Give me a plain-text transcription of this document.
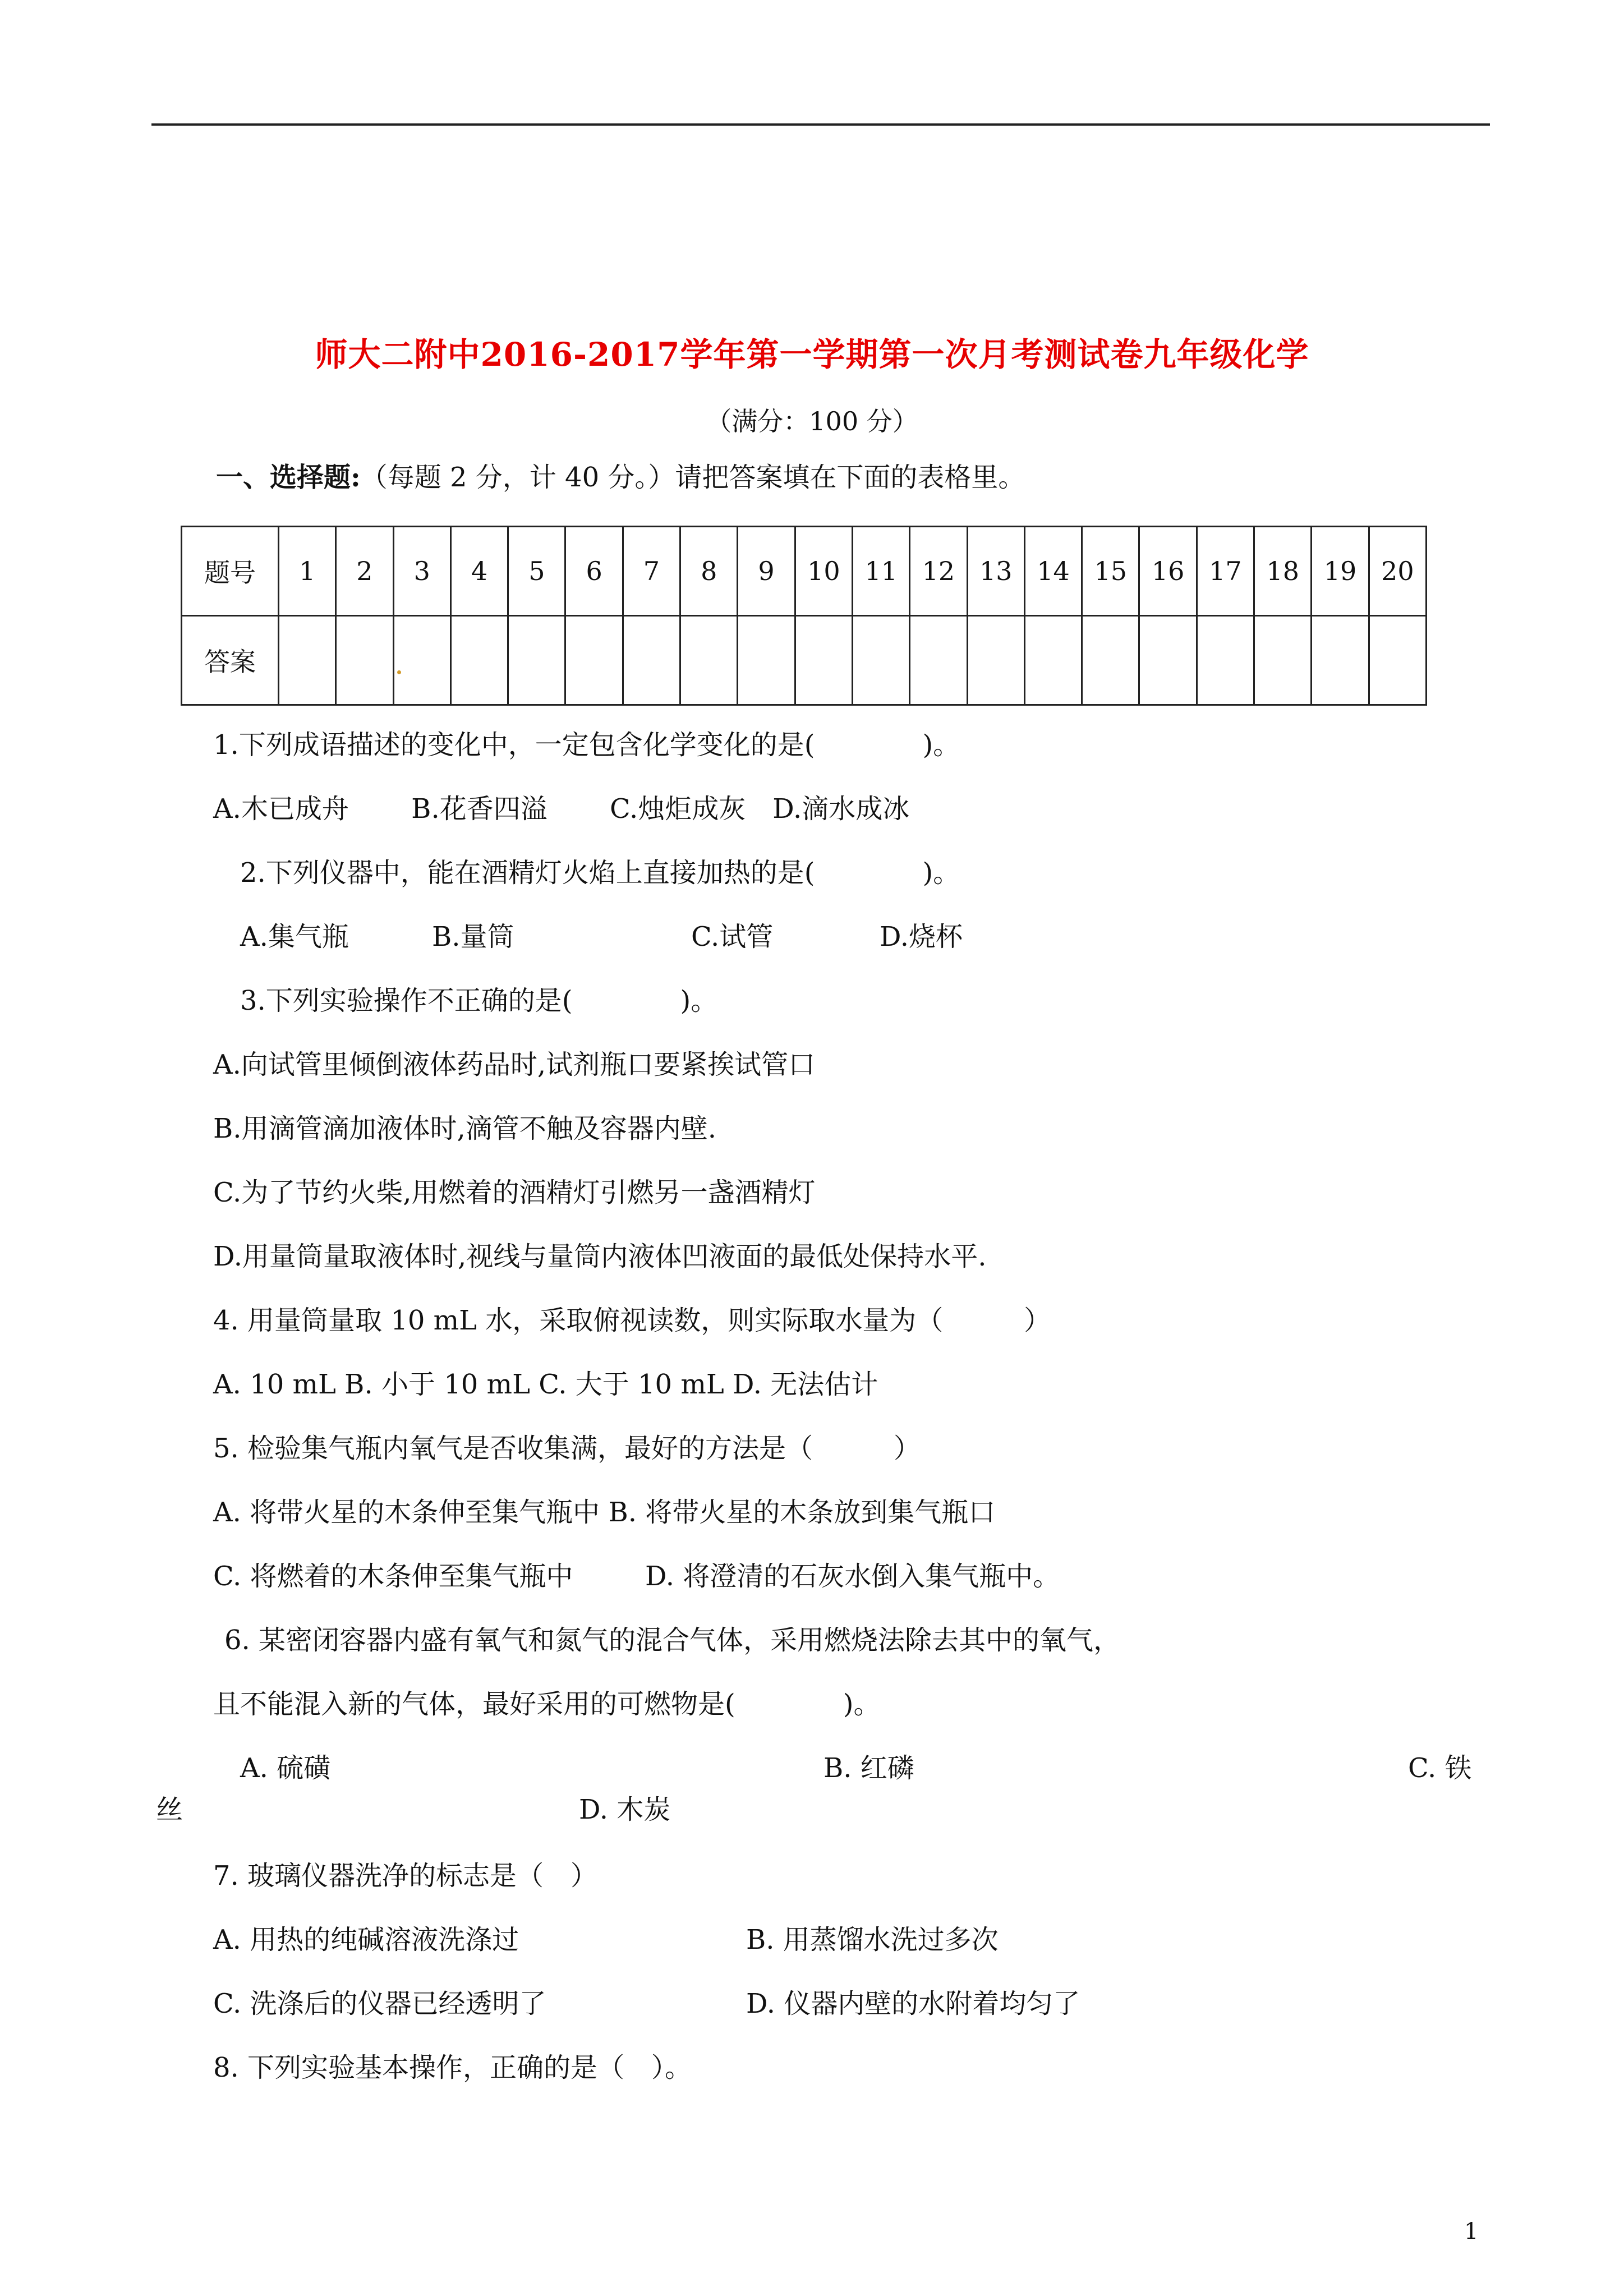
师大二附中2016-2017学年第一学期第一次月考测试卷九年级化学
（满分：100 分）
一、选择题:（每题 2 分，计 40 分。）请把答案填在下面的表格里。
题号	1	2	3	4	5	6	7	8	9	10	11	12	13	14	15	16	17	18	19	20
答案																				
1.下列成语描述的变化中，一定包含化学变化的是(　　　　)。
A.木已成舟　　 B.花香四溢　　 C.烛炬成灰　D.滴水成冰
2.下列仪器中，能在酒精灯火焰上直接加热的是(　　　　)。
A.集气瓶	B.量筒	C.试管	D.烧杯
3.下列实验操作不正确的是(　　　　)。
A.向试管里倾倒液体药品时,试剂瓶口要紧挨试管口
B.用滴管滴加液体时,滴管不触及容器内壁.
C.为了节约火柴,用燃着的酒精灯引燃另一盏酒精灯
D.用量筒量取液体时,视线与量筒内液体凹液面的最低处保持水平.
4. 用量筒量取 10 mL 水，采取俯视读数，则实际取水量为（　　　）
A. 10 mL B. 小于 10 mL C. 大于 10 mL D. 无法估计
5. 检验集气瓶内氧气是否收集满，最好的方法是（　　　）
A. 将带火星的木条伸至集气瓶中 B. 将带火星的木条放到集气瓶口
C. 将燃着的木条伸至集气瓶中	D. 将澄清的石灰水倒入集气瓶中。
6. 某密闭容器内盛有氧气和氮气的混合气体，采用燃烧法除去其中的氧气，
且不能混入新的气体，最好采用的可燃物是(　　　　)。
A. 硫磺	B. 红磷	C. 铁
丝	D. 木炭
7. 玻璃仪器洗净的标志是（　）
A. 用热的纯碱溶液洗涤过	B. 用蒸馏水洗过多次
C. 洗涤后的仪器已经透明了	D. 仪器内壁的水附着均匀了
8. 下列实验基本操作，正确的是（　）。
1
